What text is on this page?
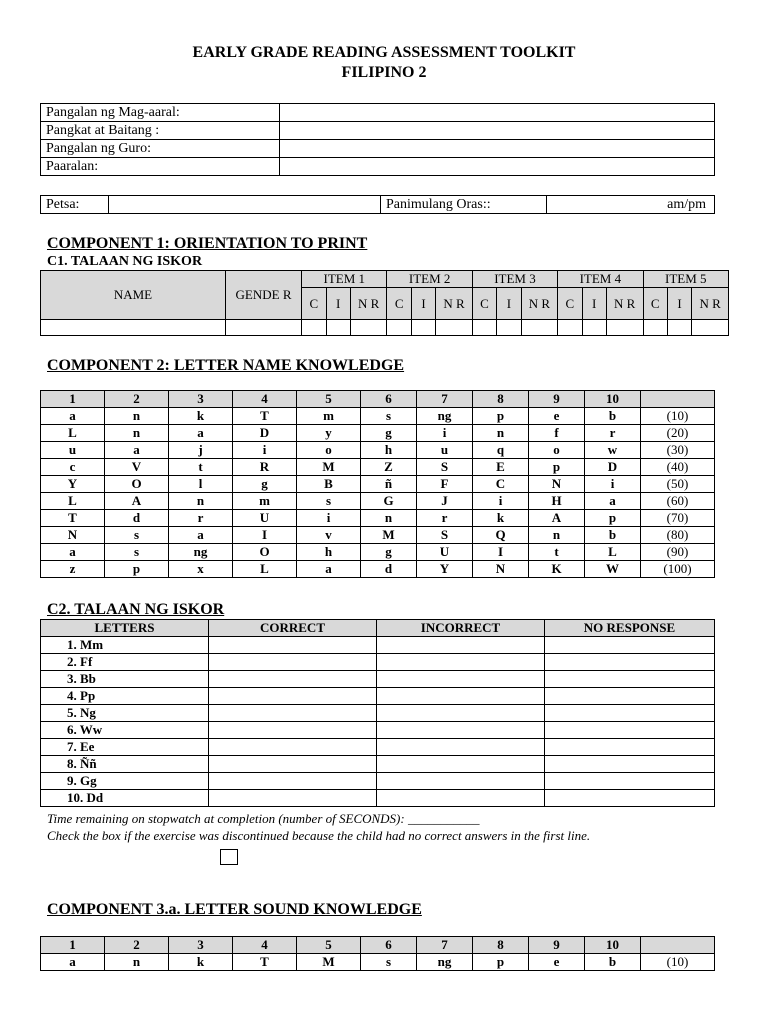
EARLY GRADE READING ASSESSMENT TOOLKIT
FILIPINO 2
Pangalan ng Mag-aaral:	
Pangkat at Baitang :	
Pangalan ng Guro:	
Paaralan:	
Petsa:		Panimulang Oras::	am/pm
COMPONENT 1: ORIENTATION TO PRINT
C1. TALAAN NG ISKOR
NAME	GENDE R	ITEM 1			ITEM 2			ITEM 3			ITEM 4			ITEM 5		
		C	I	N R	C	I	N R	C	I	N R	C	I	N R	C	I	N R

COMPONENT 2: LETTER NAME KNOWLEDGE
1	2	3	4	5	6	7	8	9	10	
a	n	k	T	m	s	ng	p	e	b	(10)
L	n	a	D	y	g	i	n	f	r	(20)
u	a	j	i	o	h	u	q	o	w	(30)
c	V	t	R	M	Z	S	E	p	D	(40)
Y	O	l	g	B	ñ	F	C	N	i	(50)
L	A	n	m	s	G	J	i	H	a	(60)
T	d	r	U	i	n	r	k	A	p	(70)
N	s	a	I	v	M	S	Q	n	b	(80)
a	s	ng	O	h	g	U	I	t	L	(90)
z	p	x	L	a	d	Y	N	K	W	(100)
C2. TALAAN NG ISKOR
LETTERS	CORRECT	INCORRECT	NO RESPONSE
1. Mm			
2. Ff			
3. Bb			
4. Pp			
5. Ng			
6. Ww			
7. Ee			
8. Ññ			
9. Gg			
10. Dd			
Time remaining on stopwatch at completion (number of SECONDS): ___________
Check the box if the exercise was discontinued because the child had no correct answers in the first line.
COMPONENT 3.a. LETTER SOUND KNOWLEDGE
1	2	3	4	5	6	7	8	9	10	
a	n	k	T	M	s	ng	p	e	b	(10)
